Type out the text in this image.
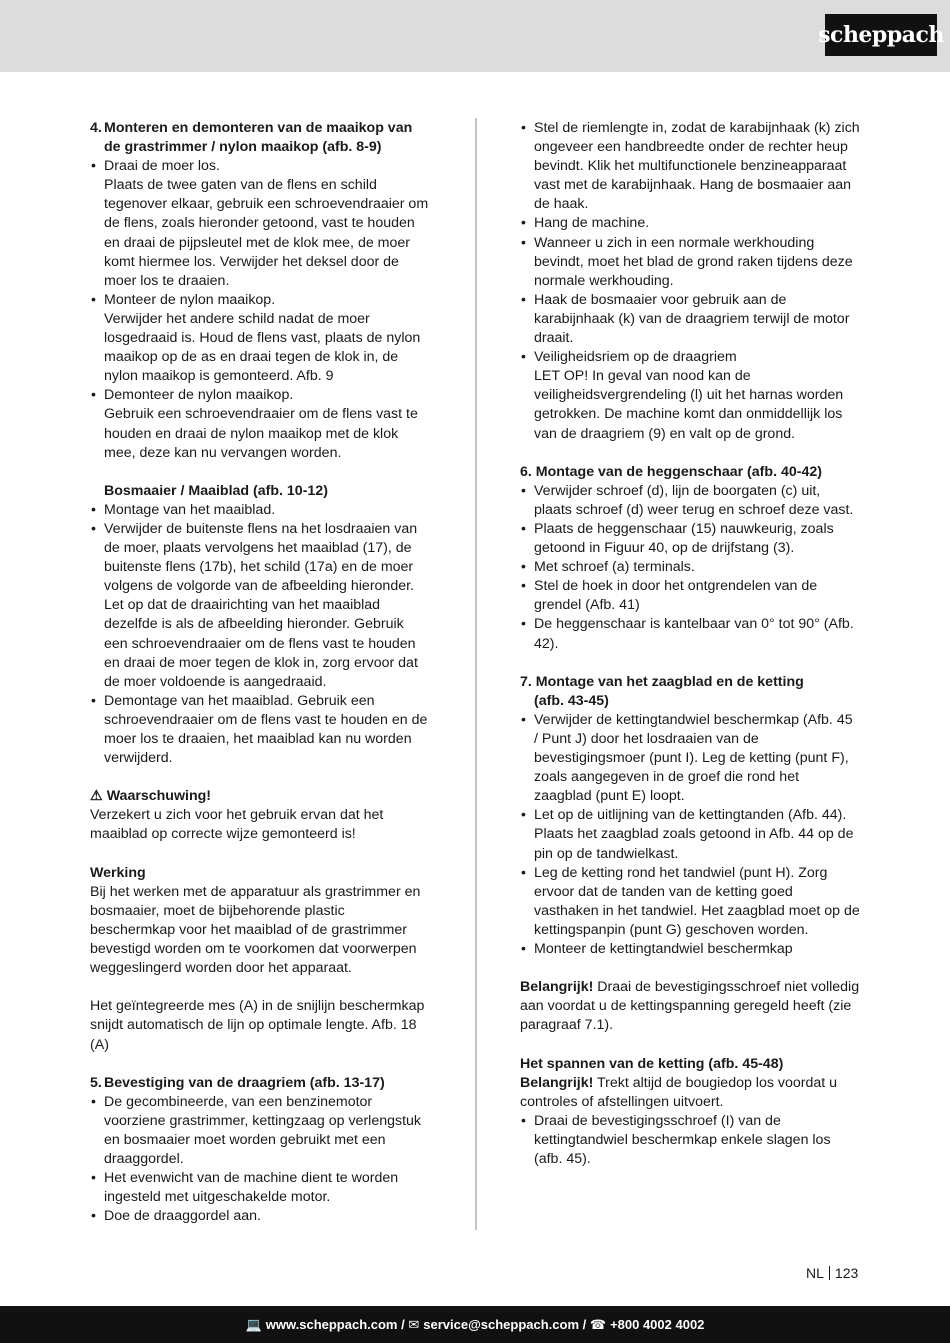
scheppach
4. Monteren en demonteren van de maaikop van
de grastrimmer / nylon maaikop (afb. 8-9)
• Draai de moer los.
Plaats de twee gaten van de flens en schild tegenover elkaar, gebruik een schroevendraaier om de flens, zoals hieronder getoond, vast te houden en draai de pijpsleutel met de klok mee, de moer komt hiermee los. Verwijder het deksel door de moer los te draaien.
• Monteer de nylon maaikop.
Verwijder het andere schild nadat de moer losgedraaid is. Houd de flens vast, plaats de nylon maaikop op de as en draai tegen de klok in, de nylon maaikop is gemonteerd. Afb. 9
• Demonteer de nylon maaikop.
Gebruik een schroevendraaier om de flens vast te houden en draai de nylon maaikop met de klok mee, deze kan nu vervangen worden.
Bosmaaier / Maaiblad (afb. 10-12)
• Montage van het maaiblad.
• Verwijder de buitenste flens na het losdraaien van de moer, plaats vervolgens het maaiblad (17), de buitenste flens (17b), het schild (17a) en de moer volgens de volgorde van de afbeelding hieronder. Let op dat de draairichting van het maaiblad dezelfde is als de afbeelding hieronder. Gebruik een schroevendraaier om de flens vast te houden en draai de moer tegen de klok in, zorg ervoor dat de moer voldoende is aangedraaid.
• Demontage van het maaiblad. Gebruik een schroevendraaier om de flens vast te houden en de moer los te draaien, het maaiblad kan nu worden verwijderd.
⚠ Waarschuwing!

Verzekert u zich voor het gebruik ervan dat het maaiblad op correcte wijze gemonteerd is!

Werking

Bij het werken met de apparatuur als grastrimmer en bosmaaier, moet de bijbehorende plastic beschermkap voor het maaiblad of de grastrimmer bevestigd worden om te voorkomen dat voorwerpen weggeslingerd worden door het apparaat.

Het geïntegreerde mes (A) in de snijlijn beschermkap snijdt automatisch de lijn op optimale lengte. Afb. 18 (A)

5. Bevestiging van de draagriem (afb. 13-17)
• De gecombineerde, van een benzinemotor voorziene grastrimmer, kettingzaag op verlengstuk en bosmaaier moet worden gebruikt met een draaggordel.
• Het evenwicht van de machine dient te worden ingesteld met uitgeschakelde motor.
• Doe de draaggordel aan.
• Stel de riemlengte in, zodat de karabijnhaak (k) zich ongeveer een handbreedte onder de rechter heup bevindt. Klik het multifunctionele benzineapparaat vast met de karabijnhaak. Hang de bosmaaier aan de haak.
• Hang de machine.
• Wanneer u zich in een normale werkhouding bevindt, moet het blad de grond raken tijdens deze normale werkhouding.
• Haak de bosmaaier voor gebruik aan de karabijnhaak (k) van de draagriem terwijl de motor draait.
• Veiligheidsriem op de draagriem
LET OP! In geval van nood kan de veiligheidsvergrendeling (l) uit het harnas worden getrokken. De machine komt dan onmiddellijk los van de draagriem (9) en valt op de grond.
6. Montage van de heggenschaar (afb. 40-42)
• Verwijder schroef (d), lijn de boorgaten (c) uit, plaats schroef (d) weer terug en schroef deze vast.
• Plaats de heggenschaar (15) nauwkeurig, zoals getoond in Figuur 40, op de drijfstang (3).
• Met schroef (a) terminals.
• Stel de hoek in door het ontgrendelen van de grendel (Afb. 41)
• De heggenschaar is kantelbaar van 0° tot 90° (Afb. 42).
7. Montage van het zaagblad en de ketting
(afb. 43-45)
• Verwijder de kettingtandwiel beschermkap (Afb. 45 / Punt J) door het losdraaien van de bevestigingsmoer (punt I). Leg de ketting (punt F), zoals aangegeven in de groef die rond het zaagblad (punt E) loopt.
• Let op de uitlijning van de kettingtanden (Afb. 44). Plaats het zaagblad zoals getoond in Afb. 44 op de pin op de tandwielkast.
• Leg de ketting rond het tandwiel (punt H). Zorg ervoor dat de tanden van de ketting goed vasthaken in het tandwiel. Het zaagblad moet op de kettingspanpin (punt G) geschoven worden.
• Monteer de kettingtandwiel beschermkap

Belangrijk! Draai de bevestigingsschroef niet volledig aan voordat u de kettingspanning geregeld heeft (zie paragraaf 7.1).

Het spannen van de ketting (afb. 45-48)

Belangrijk! Trekt altijd de bougiedop los voordat u controles of afstellingen uitvoert.

• Draai de bevestigingsschroef (I) van de kettingtandwiel beschermkap enkele slagen los (afb. 45).
NL 123
💻 www.scheppach.com / ✉ service@scheppach.com / ☎ +800 4002 4002
